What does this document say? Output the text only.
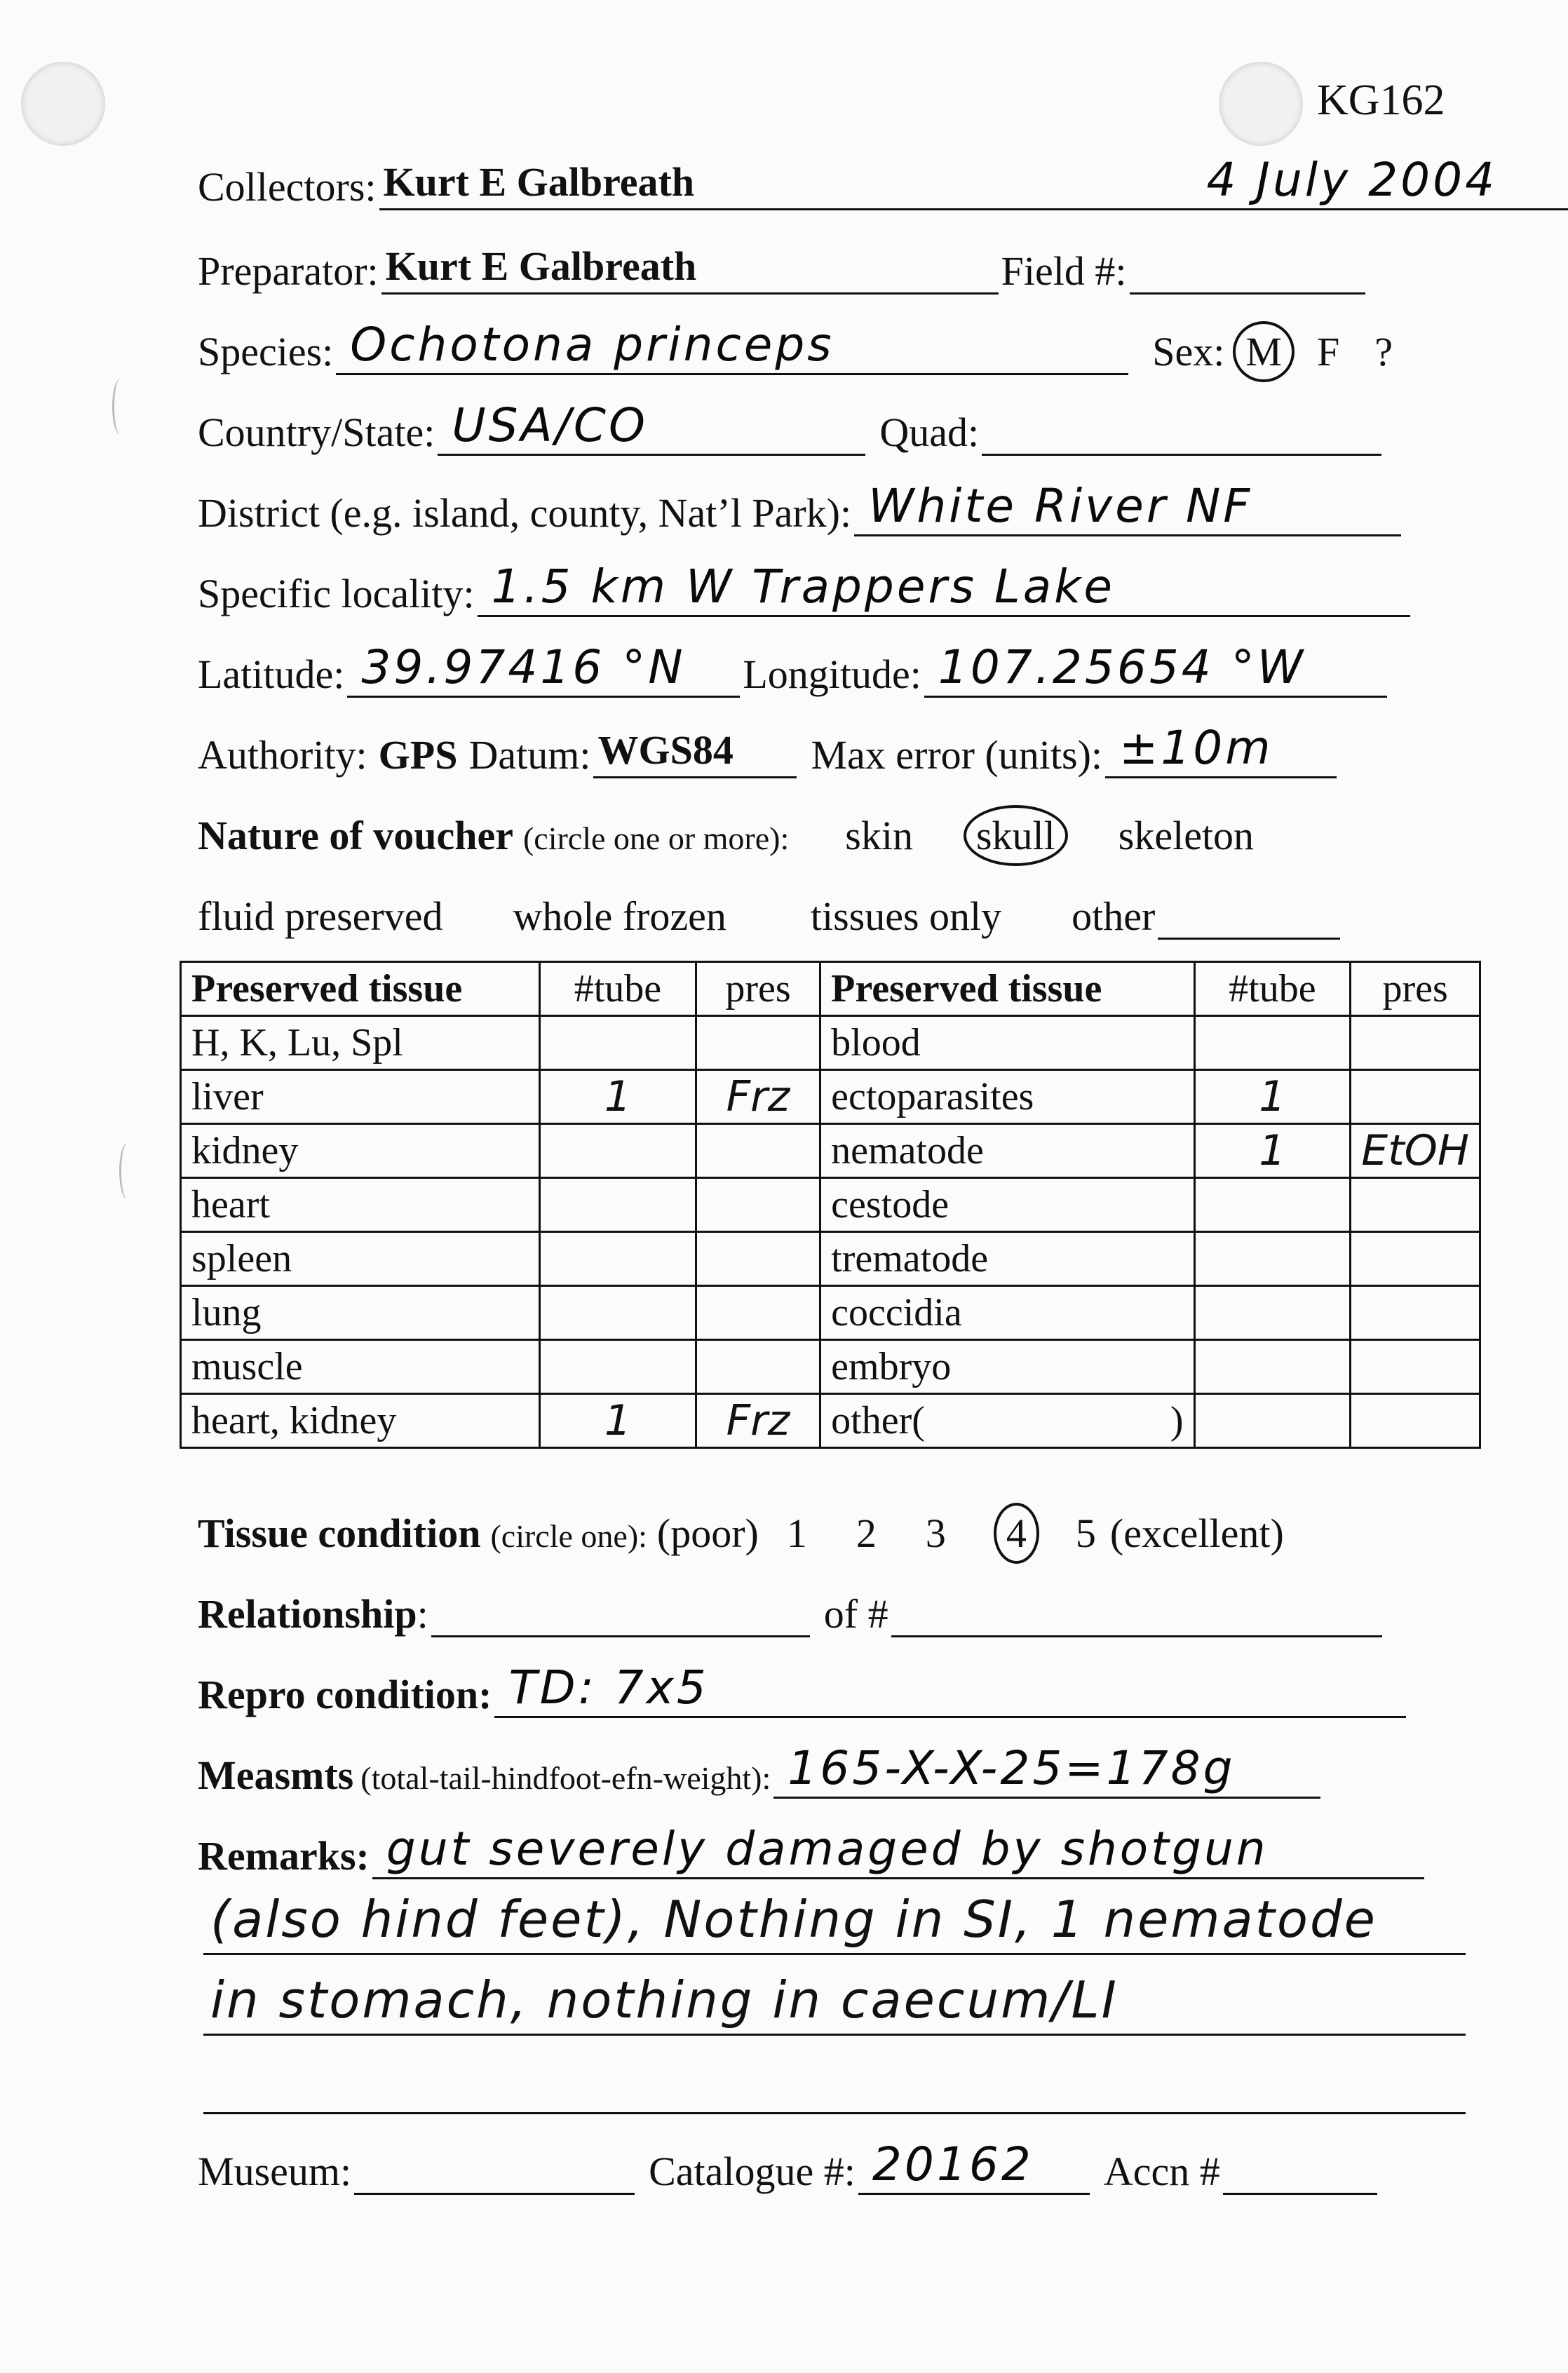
KG162
Collectors: Kurt E Galbreath	4 July 2004
Preparator: Kurt E Galbreath	Field #:
Species: Ochotona princeps	Sex: M F ?
Country/State: USA/CO	Quad:
District (e.g. island, county, Nat’l Park): White River NF
Specific locality: 1.5 km W Trappers Lake
Latitude: 39.97416 °N Longitude: 107.25654 °W
Authority: GPS Datum: WGS84 Max error (units): ±10m
Nature of voucher (circle one or more): skin skull skeleton
fluid preserved whole frozen tissues only other
Preserved tissue	#tube	pres	Preserved tissue	#tube	pres
H, K, Lu, Spl			blood		
liver	1	Frz	ectoparasites	1	
kidney			nematode	1	EtOH
heart			cestode		
spleen			trematode		
lung			coccidia		
muscle			embryo		
heart, kidney	1	Frz	other(                         )		
Tissue condition (circle one): (poor) 1 2 3 4 5 (excellent)
Relationship :	of #
Repro condition: TD: 7x5
Measmts (total-tail-hindfoot-efn-weight): 165-X-X-25=178g
Remarks: gut severely damaged by shotgun
(also hind feet), Nothing in SI, 1 nematode
in stomach, nothing in caecum/LI
Museum:	Catalogue #: 20162 Accn #
